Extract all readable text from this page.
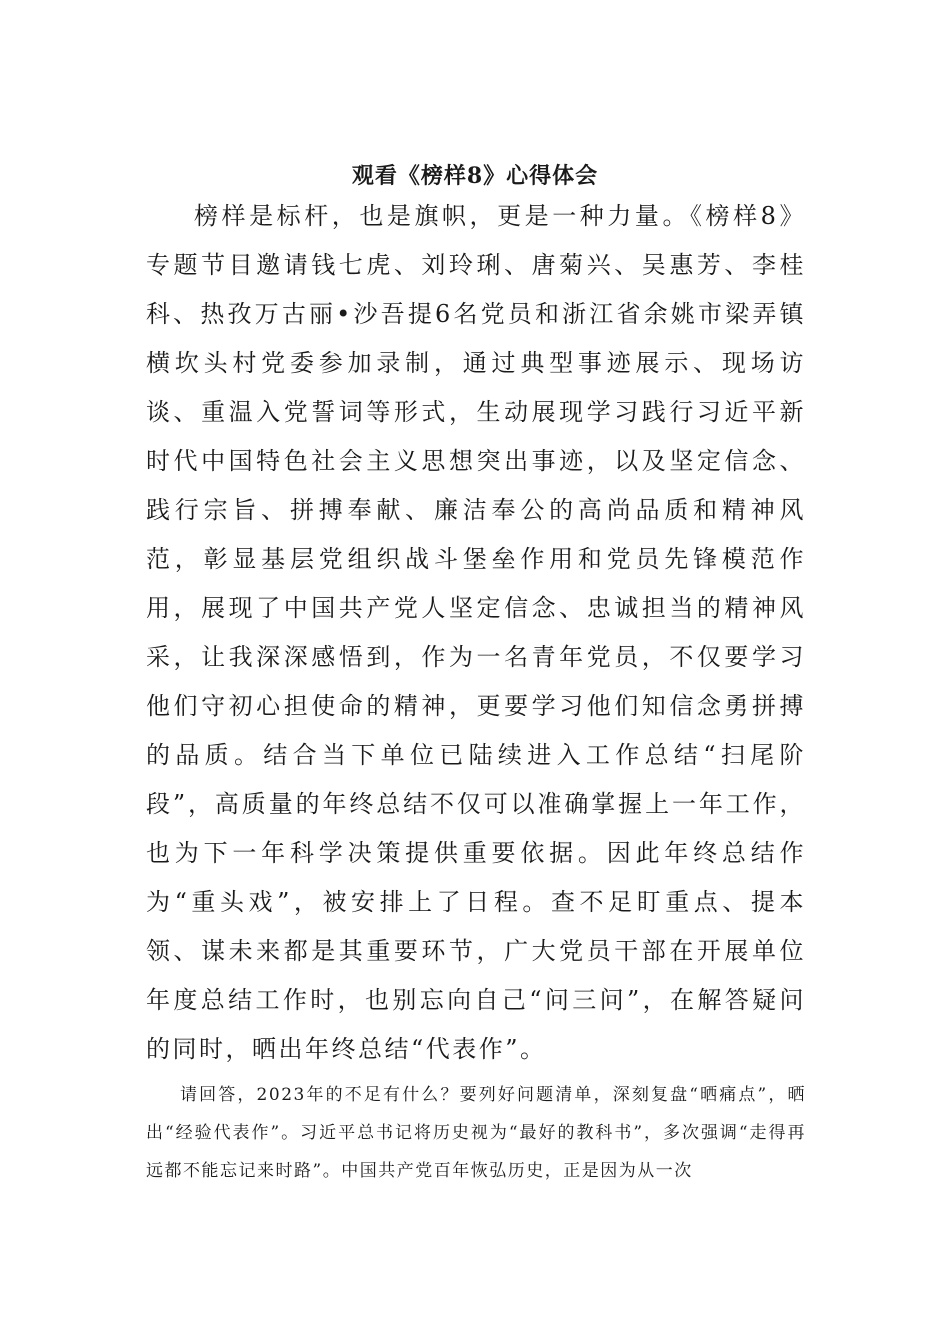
观看《榜样8》心得体会

榜样是标杆，也是旗帜，更是一种力量。《榜样8》专题节目邀请钱七虎、刘玲琍、唐菊兴、吴惠芳、李桂科、热孜万古丽•沙吾提6名党员和浙江省余姚市梁弄镇横坎头村党委参加录制，通过典型事迹展示、现场访谈、重温入党誓词等形式，生动展现学习践行习近平新时代中国特色社会主义思想突出事迹，以及坚定信念、践行宗旨、拼搏奉献、廉洁奉公的高尚品质和精神风范，彰显基层党组织战斗堡垒作用和党员先锋模范作用，展现了中国共产党人坚定信念、忠诚担当的精神风采，让我深深感悟到，作为一名青年党员，不仅要学习他们守初心担使命的精神，更要学习他们知信念勇拼搏的品质。结合当下单位已陆续进入工作总结“扫尾阶段”，高质量的年终总结不仅可以准确掌握上一年工作，也为下一年科学决策提供重要依据。因此年终总结作为“重头戏”，被安排上了日程。查不足盯重点、提本领、谋未来都是其重要环节，广大党员干部在开展单位年度总结工作时，也别忘向自己“问三问”，在解答疑问的同时，晒出年终总结“代表作”。

请回答，2023年的不足有什么？要列好问题清单，深刻复盘“晒痛点”，晒出“经验代表作”。习近平总书记将历史视为“最好的教科书”，多次强调“走得再远都不能忘记来时路”。中国共产党百年恢弘历史，正是因为从一次
